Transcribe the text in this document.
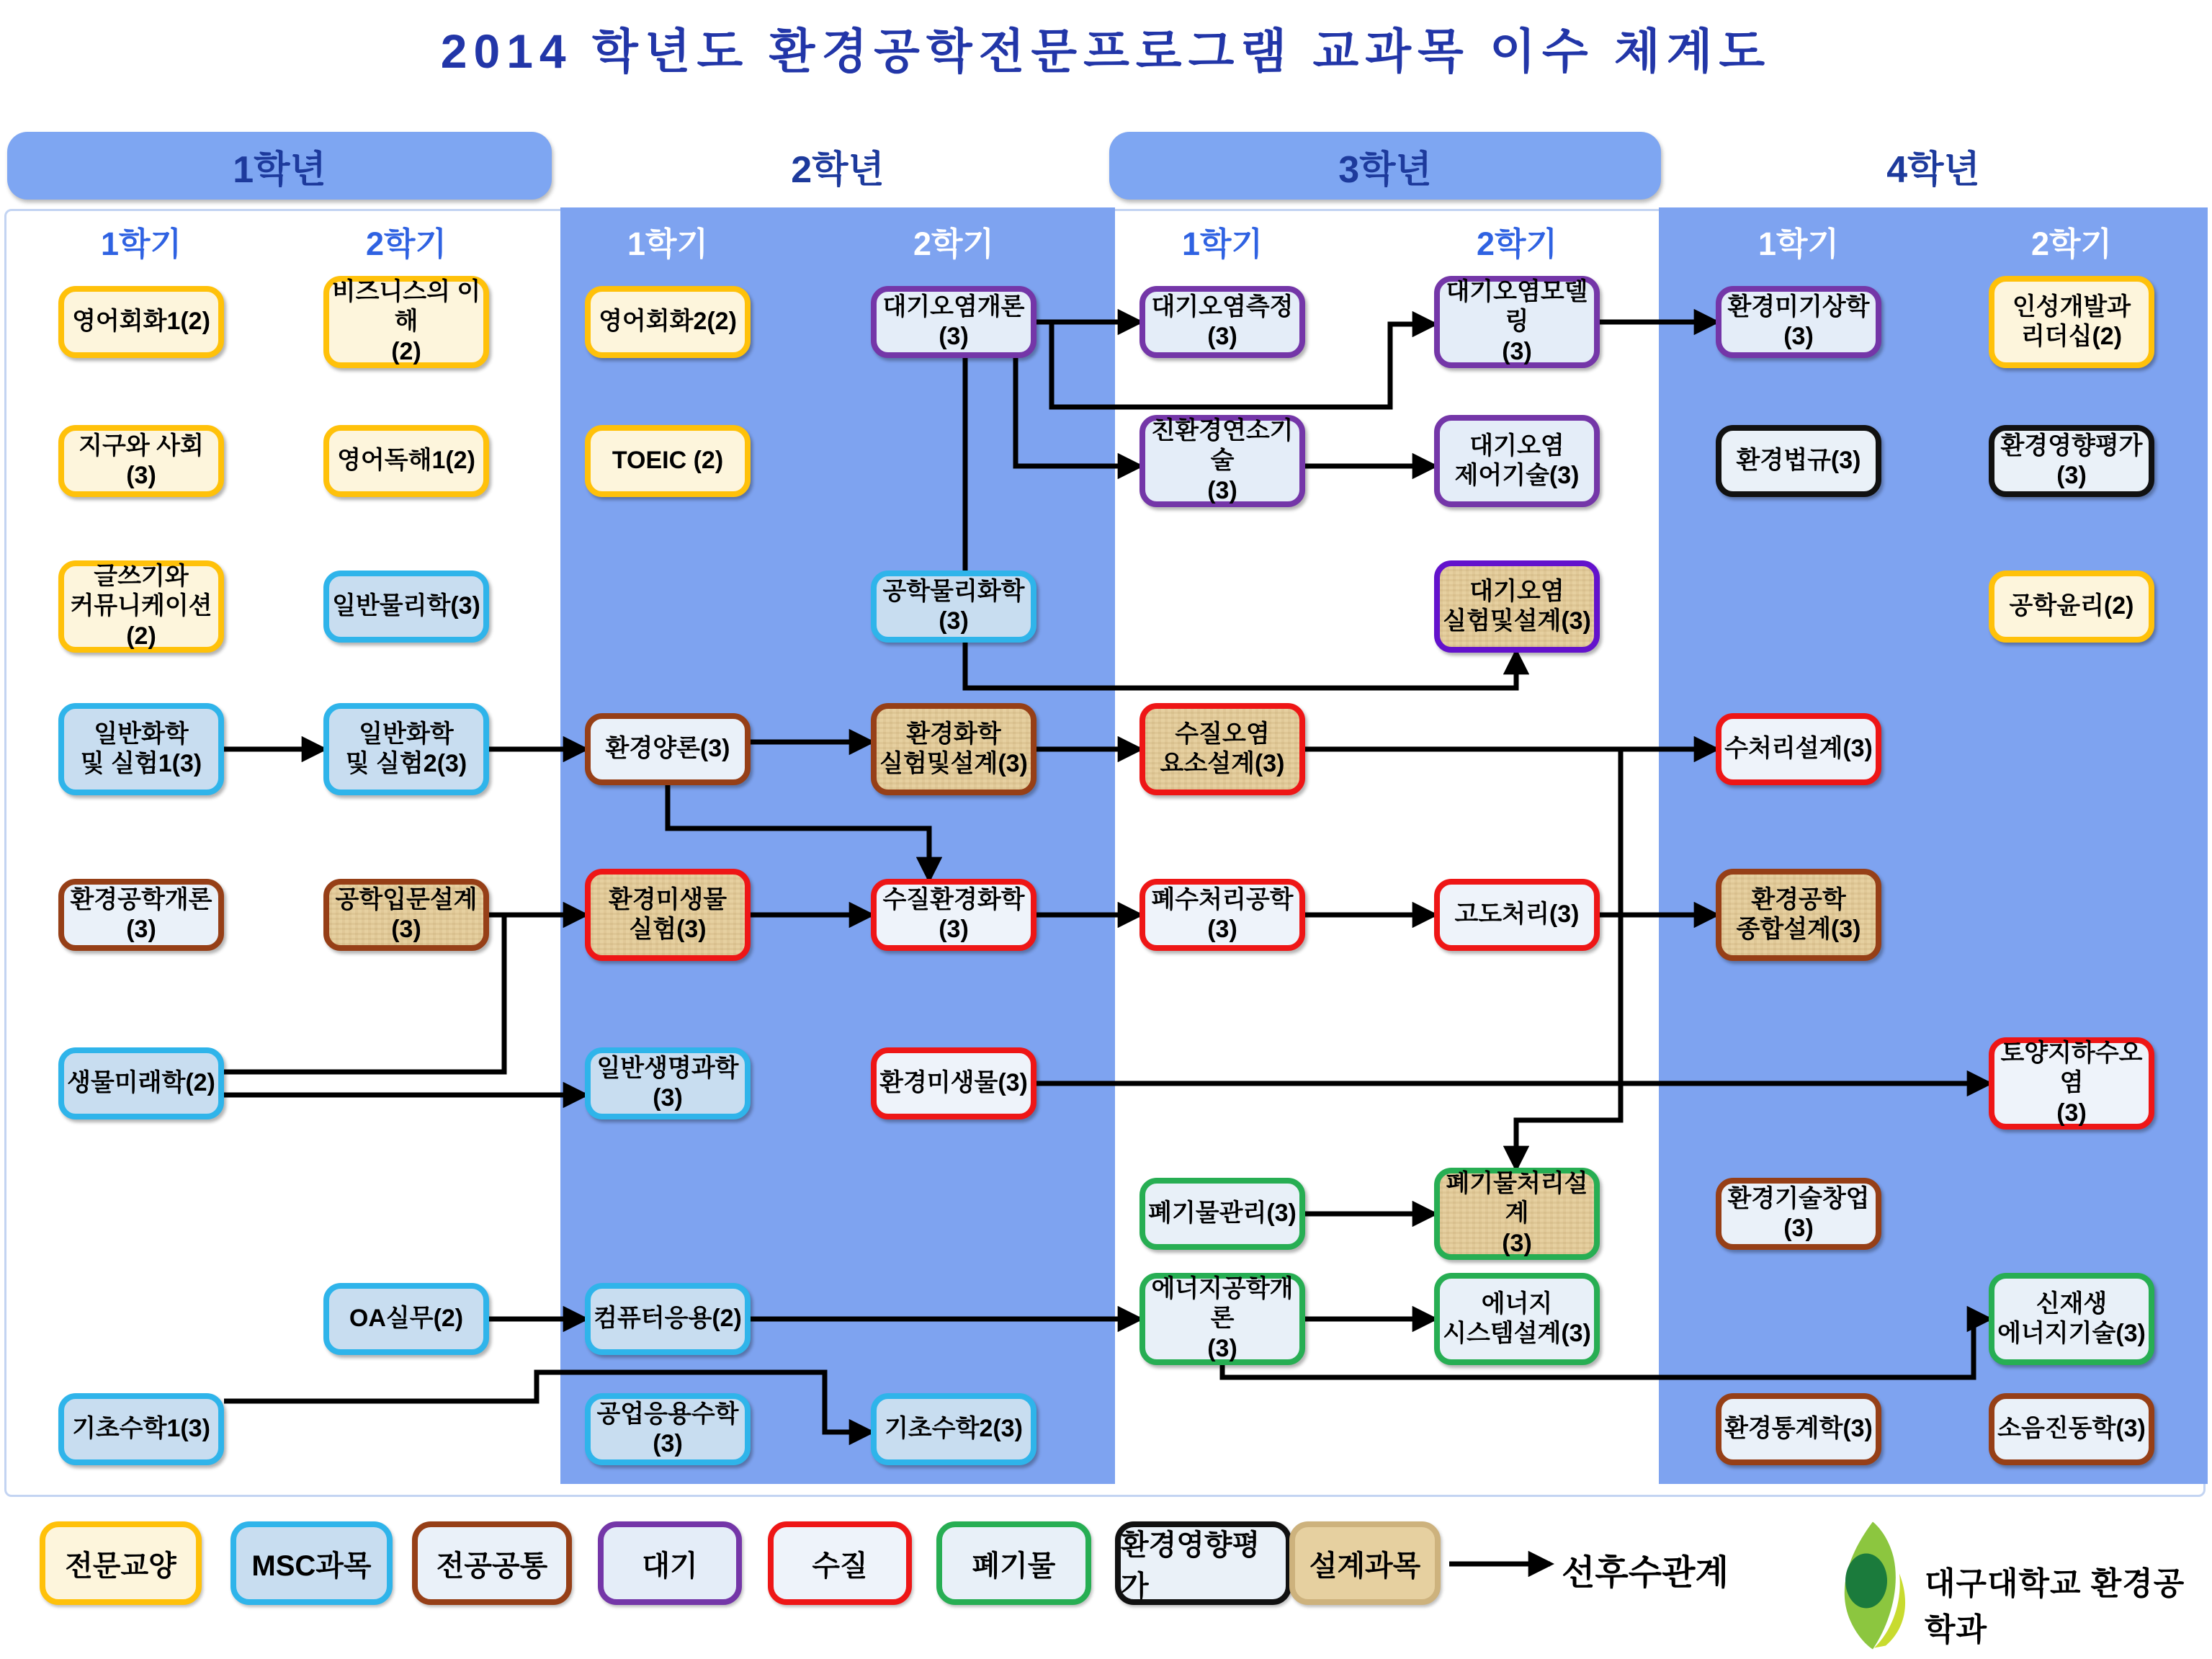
2014 학년도 환경공학전문프로그램 교과목 이수 체계도
1학년	2학년	3학년	4학년
1학기	2학기	1학기	2학기	1학기	2학기	1학기	2학기
영어회화1(2)
지구와 사회(3)
글쓰기와
커뮤니케이션(2)
일반화학
및 실험1(3)
환경공학개론(3)
생물미래학(2)
기초수학1(3)
비즈니스의 이해
(2)
영어독해1(2)
일반물리학(3)
일반화학
및 실험2(3)
공학입문설계(3)
OA실무(2)
영어회화2(2)
TOEIC (2)
환경양론(3)
환경미생물
실험(3)
일반생명과학(3)
컴퓨터응용(2)
공업응용수학(3)
대기오염개론(3)
공학물리화학(3)
환경화학
실험및설계(3)
수질환경화학(3)
환경미생물(3)
기초수학2(3)
대기오염측정(3)
친환경연소기술
(3)
수질오염
요소설계(3)
폐수처리공학(3)
폐기물관리(3)
에너지공학개론
(3)
대기오염모델링
(3)
대기오염
제어기술(3)
대기오염
실험및설계(3)
고도처리(3)
폐기물처리설계
(3)
에너지
시스템설계(3)
환경미기상학(3)
환경법규(3)
수처리설계(3)
환경공학
종합설계(3)
환경기술창업(3)
환경통계학(3)
인성개발과
리더십(2)
환경영향평가(3)
공학윤리(2)
토양지하수오염
(3)
신재생
에너지기술(3)
소음진동학(3)
전문교양	MSC과목	전공공통	대기	수질	폐기물
환경영향평가
설계과목	선후수관계	대구대학교 환경공학과
